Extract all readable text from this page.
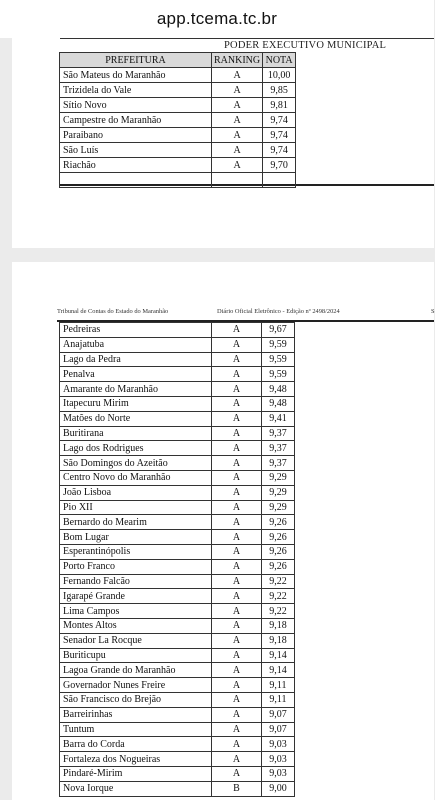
app.tcema.tc.br
PODER EXECUTIVO MUNICIPAL
PREFEITURA	RANKING	NOTA
São Mateus do Maranhão	A	10,00
Trizidela do Vale	A	9,85
Sítio Novo	A	9,81
Campestre do Maranhão	A	9,74
Paraibano	A	9,74
São Luís	A	9,74
Riachão	A	9,70

Tribunal de Contas do Estado do Maranhão	Diário Oficial Eletrônico - Edição nº 2498/2024	S
Pedreiras	A	9,67
Anajatuba	A	9,59
Lago da Pedra	A	9,59
Penalva	A	9,59
Amarante do Maranhão	A	9,48
Itapecuru Mirim	A	9,48
Matões do Norte	A	9,41
Buritirana	A	9,37
Lago dos Rodrigues	A	9,37
São Domingos do Azeitão	A	9,37
Centro Novo do Maranhão	A	9,29
João Lisboa	A	9,29
Pio XII	A	9,29
Bernardo do Mearim	A	9,26
Bom Lugar	A	9,26
Esperantinópolis	A	9,26
Porto Franco	A	9,26
Fernando Falcão	A	9,22
Igarapé Grande	A	9,22
Lima Campos	A	9,22
Montes Altos	A	9,18
Senador La Rocque	A	9,18
Buriticupu	A	9,14
Lagoa Grande do Maranhão	A	9,14
Governador Nunes Freire	A	9,11
São Francisco do Brejão	A	9,11
Barreirinhas	A	9,07
Tuntum	A	9,07
Barra do Corda	A	9,03
Fortaleza dos Nogueiras	A	9,03
Pindaré-Mirim	A	9,03
Nova Iorque	B	9,00
